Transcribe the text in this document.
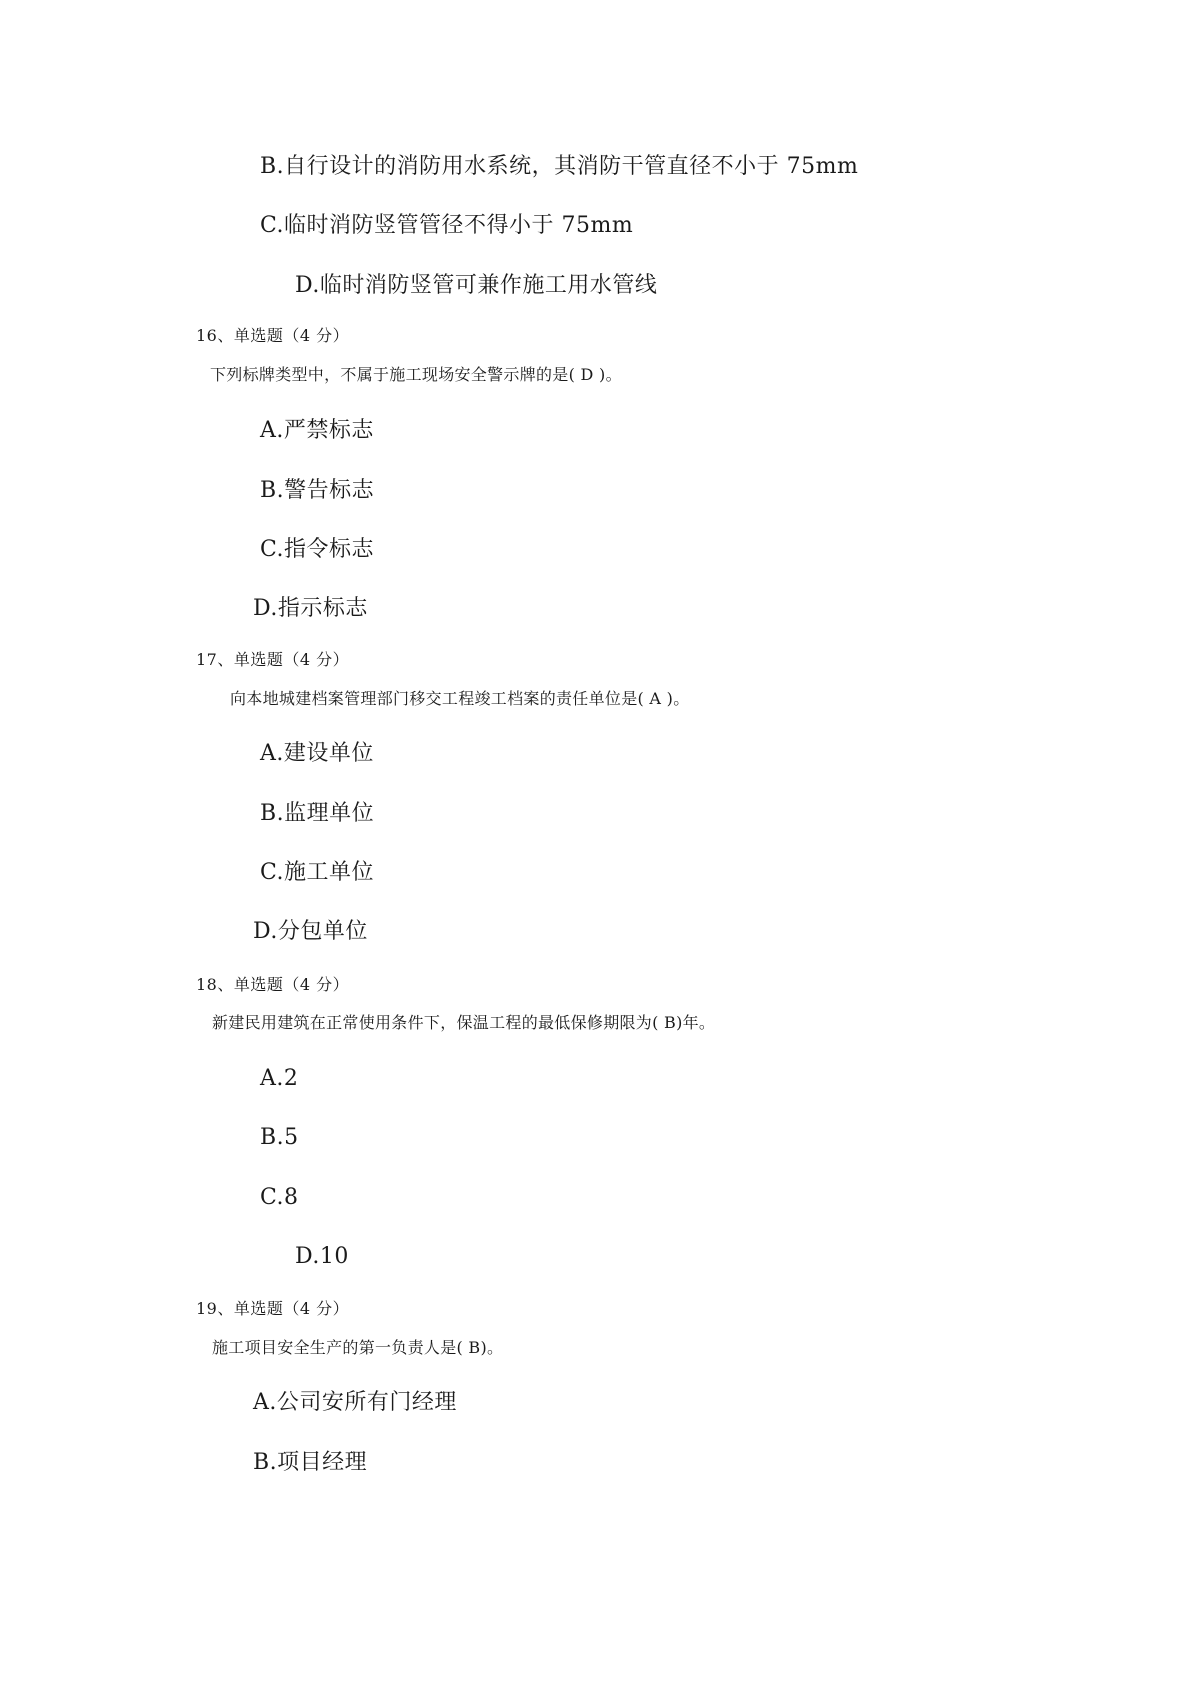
B.自行设计的消防用水系统，其消防干管直径不小于 75mm
C.临时消防竖管管径不得小于 75mm
D.临时消防竖管可兼作施工用水管线
16、单选题（4 分）
下列标牌类型中，不属于施工现场安全警示牌的是( D )。
A.严禁标志
B.警告标志
C.指令标志
D.指示标志
17、单选题（4 分）
向本地城建档案管理部门移交工程竣工档案的责任单位是( A )。
A.建设单位
B.监理单位
C.施工单位
D.分包单位
18、单选题（4 分）
新建民用建筑在正常使用条件下，保温工程的最低保修期限为( B)年。
A.2
B.5
C.8
D.10
19、单选题（4 分）
施工项目安全生产的第一负责人是( B)。
A.公司安所有门经理
B.项目经理
